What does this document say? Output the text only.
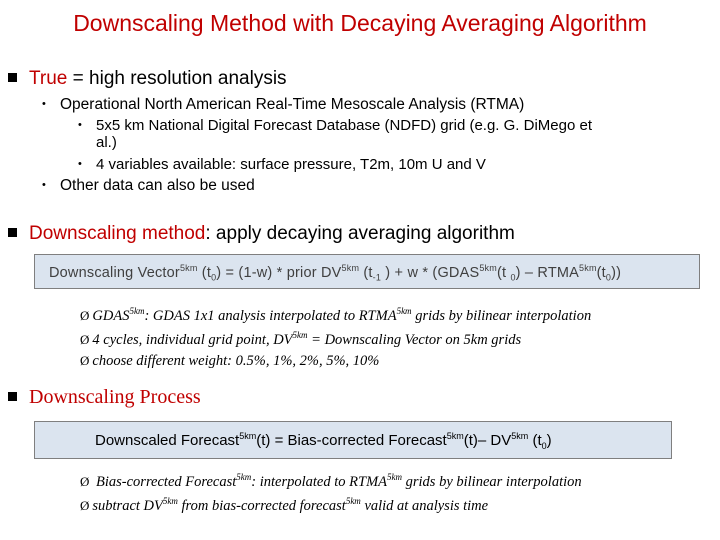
Downscaling Method with Decaying Averaging Algorithm
True = high resolution analysis
• Operational North American Real-Time Mesoscale Analysis (RTMA)
• 5x5 km National Digital Forecast Database (NDFD) grid (e.g. G. DiMego et
al.)
• 4 variables available: surface pressure, T2m, 10m U and V
• Other data can also be used
Downscaling method: apply decaying averaging algorithm
Downscaling Vector$^{5km}$ $(t_0) = (1-w)$ * prior $DV^{5km}$ ($t_{-1}$ ) + w * ($GDAS^{5km}(t$ $_0) - RTMA^{5km}(t_0)$)
Ø $GDAS^{5km}$: GDAS 1x1 analysis interpolated to $RTMA^{5km}$ grids by bilinear interpolation
Ø 4 cycles, individual grid point, $DV^{5km}$ = Downscaling Vector on 5km grids
Ø choose different weight: 0.5%, 1%, 2%, 5%, 10%
Downscaling Process
Downscaled Forecast$^{5km}$(t) = Bias-corrected Forecast$^{5km}$(t)– $DV^{5km}$ $(t_0)$
Ø Bias-corrected Forecast$^{5km}$: interpolated to $RTMA^{5km}$ grids by bilinear interpolation
Ø subtract $DV^{5km}$ from bias-corrected forecast$^{5km}$ valid at analysis time
